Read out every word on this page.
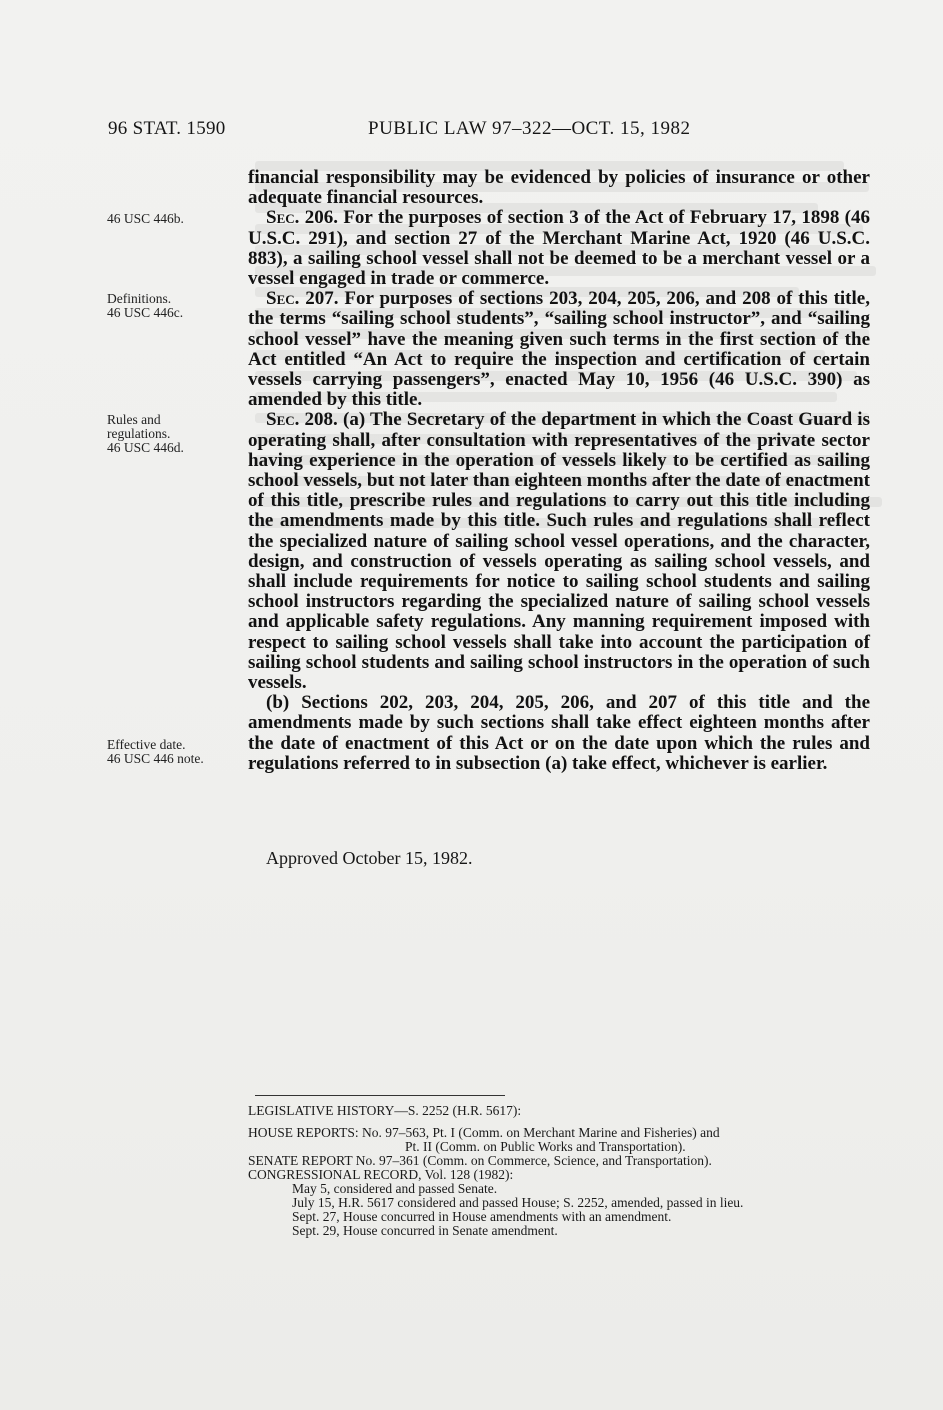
96 STAT. 1590	PUBLIC LAW 97–322—OCT. 15, 1982
46 USC 446b.
Definitions.
46 USC 446c.
Rules and
regulations.
46 USC 446d.
Effective date.
46 USC 446 note.

financial responsibility may be evidenced by policies of insurance or other adequate financial resources.

Sec. 206. For the purposes of section 3 of the Act of February 17, 1898 (46 U.S.C. 291), and section 27 of the Merchant Marine Act, 1920 (46 U.S.C. 883), a sailing school vessel shall not be deemed to be a merchant vessel or a vessel engaged in trade or commerce.

Sec. 207. For purposes of sections 203, 204, 205, 206, and 208 of this title, the terms “sailing school students”, “sailing school instructor”, and “sailing school vessel” have the meaning given such terms in the first section of the Act entitled “An Act to require the inspection and certification of certain vessels carrying passengers”, enacted May 10, 1956 (46 U.S.C. 390) as amended by this title.

Sec. 208. (a) The Secretary of the department in which the Coast Guard is operating shall, after consultation with representatives of the private sector having experience in the operation of vessels likely to be certified as sailing school vessels, but not later than eighteen months after the date of enactment of this title, prescribe rules and regulations to carry out this title including the amendments made by this title. Such rules and regulations shall reflect the specialized nature of sailing school vessel operations, and the character, design, and construction of vessels operating as sailing school vessels, and shall include requirements for notice to sailing school students and sailing school instructors regarding the specialized nature of sailing school vessels and applicable safety regulations. Any manning requirement imposed with respect to sailing school vessels shall take into account the participation of sailing school students and sailing school instructors in the operation of such vessels.

(b) Sections 202, 203, 204, 205, 206, and 207 of this title and the amendments made by such sections shall take effect eighteen months after the date of enactment of this Act or on the date upon which the rules and regulations referred to in subsection (a) take effect, whichever is earlier.

Approved October 15, 1982.
LEGISLATIVE HISTORY—S. 2252 (H.R. 5617):
HOUSE REPORTS: No. 97–563, Pt. I (Comm. on Merchant Marine and Fisheries) and
Pt. II (Comm. on Public Works and Transportation).
SENATE REPORT No. 97–361 (Comm. on Commerce, Science, and Transportation).
CONGRESSIONAL RECORD, Vol. 128 (1982):
May 5, considered and passed Senate.
July 15, H.R. 5617 considered and passed House; S. 2252, amended, passed in lieu.
Sept. 27, House concurred in House amendments with an amendment.
Sept. 29, House concurred in Senate amendment.
